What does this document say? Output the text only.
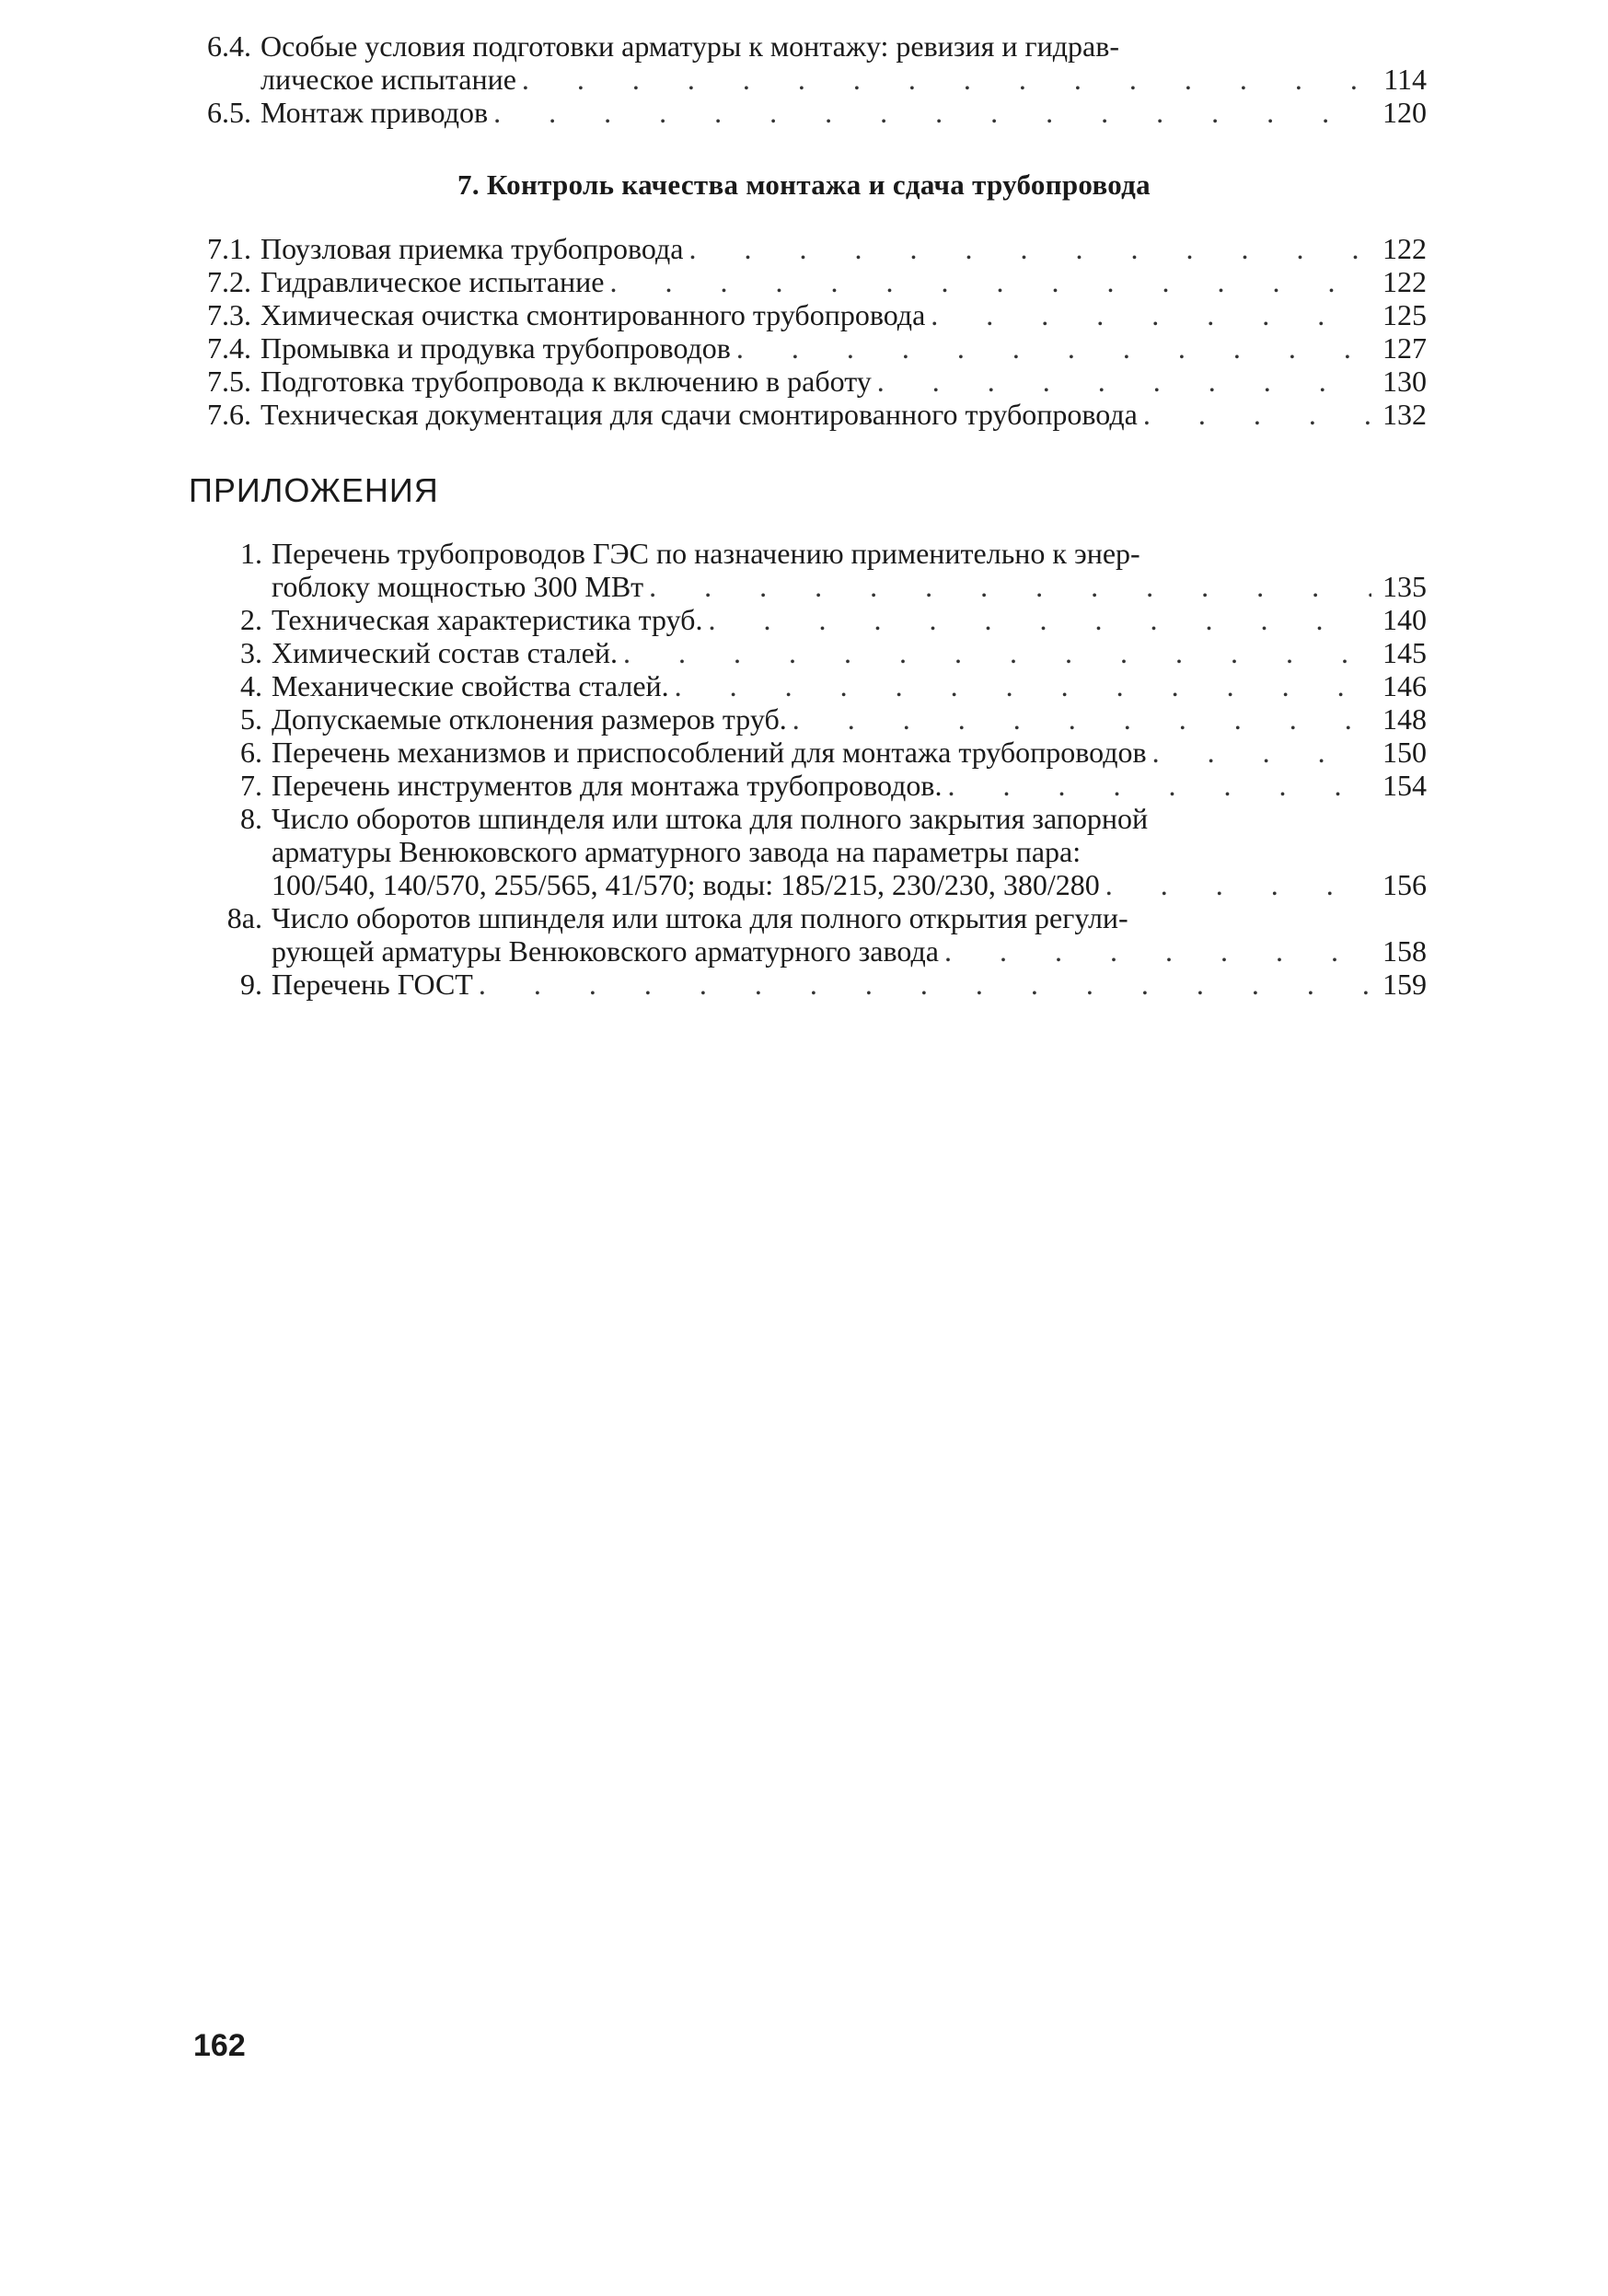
6.4. Особые условия подготовки арматуры к монтажу: ревизия и гидрав-
лическое испытание . . .	114
6.5. Монтаж приводов . . .	120
7. Контроль качества монтажа и сдача трубопровода
7.1. Поузловая приемка трубопровода . . .	122
7.2. Гидравлическое испытание . . .	122
7.3. Химическая очистка смонтированного трубопровода . . .	125
7.4. Промывка и продувка трубопроводов . . .	127
7.5. Подготовка трубопровода к включению в работу . . .	130
7.6. Техническая документация для сдачи смонтированного трубопровода . . .	132
ПРИЛОЖЕНИЯ
1. Перечень трубопроводов ГЭС по назначению применительно к энер-
гоблоку мощностью 300 МВт . . .	135
2. Техническая характеристика труб. . . .	140
3. Химический состав сталей. . . .	145
4. Механические свойства сталей. . . .	146
5. Допускаемые отклонения размеров труб. . . .	148
6. Перечень механизмов и приспособлений для монтажа трубопроводов . . .	150
7. Перечень инструментов для монтажа трубопроводов. . . .	154
8. Число оборотов шпинделя или штока для полного закрытия запорной
арматуры Венюковского арматурного завода на параметры пара:
100/540, 140/570, 255/565, 41/570; воды: 185/215, 230/230, 380/280 . . .	156
8а. Число оборотов шпинделя или штока для полного открытия регули-
рующей арматуры Венюковского арматурного завода . . .	158
9. Перечень ГОСТ . . .	159
162
